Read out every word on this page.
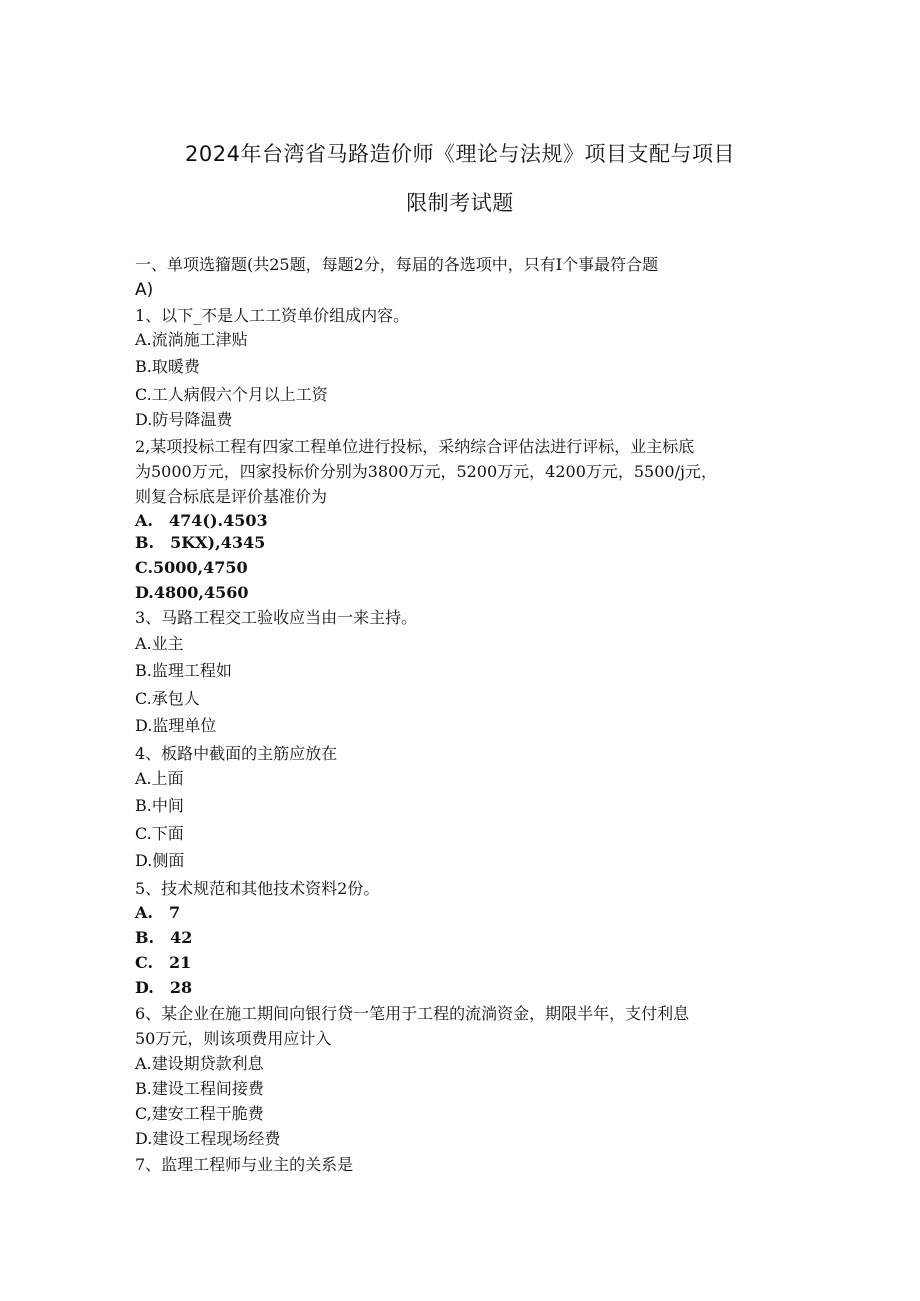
2024年台湾省马路造价师《理论与法规》项目支配与项目
限制考试题
一、单项选籀题(共25题，每题2分，每届的各选项中，只有I个事最符合题
A)
1、以下_不是人工工资单价组成内容。
A.流淌施工津贴
B.取暖费
C.工人病假六个月以上工资
D.防号降温费
2,某项投标工程有四家工程单位进行投标，采纳综合评估法进行评标，业主标底
为5000万元，四家投标价分别为3800万元，5200万元，4200万元，5500/j元，
则复合标底是评价基准价为
A.　474().4503
B.　5KX),4345
C.5000,4750
D.4800,4560
3、马路工程交工验收应当由一来主持。
A.业主
B.监理工程如
C.承包人
D.监理单位
4、板路中截面的主筋应放在
A.上面
B.中间
C.下面
D.侧面
5、技术规范和其他技术资料2份。
A.　7
B.　42
C.　21
D.　28
6、某企业在施工期间向银行贷一笔用于工程的流淌资金，期限半年，支付利息
50万元，则该项费用应计入
A.建设期贷款利息
B.建设工程间接费
C,建安工程干脆费
D.建设工程现场经费
7、监理工程师与业主的关系是
